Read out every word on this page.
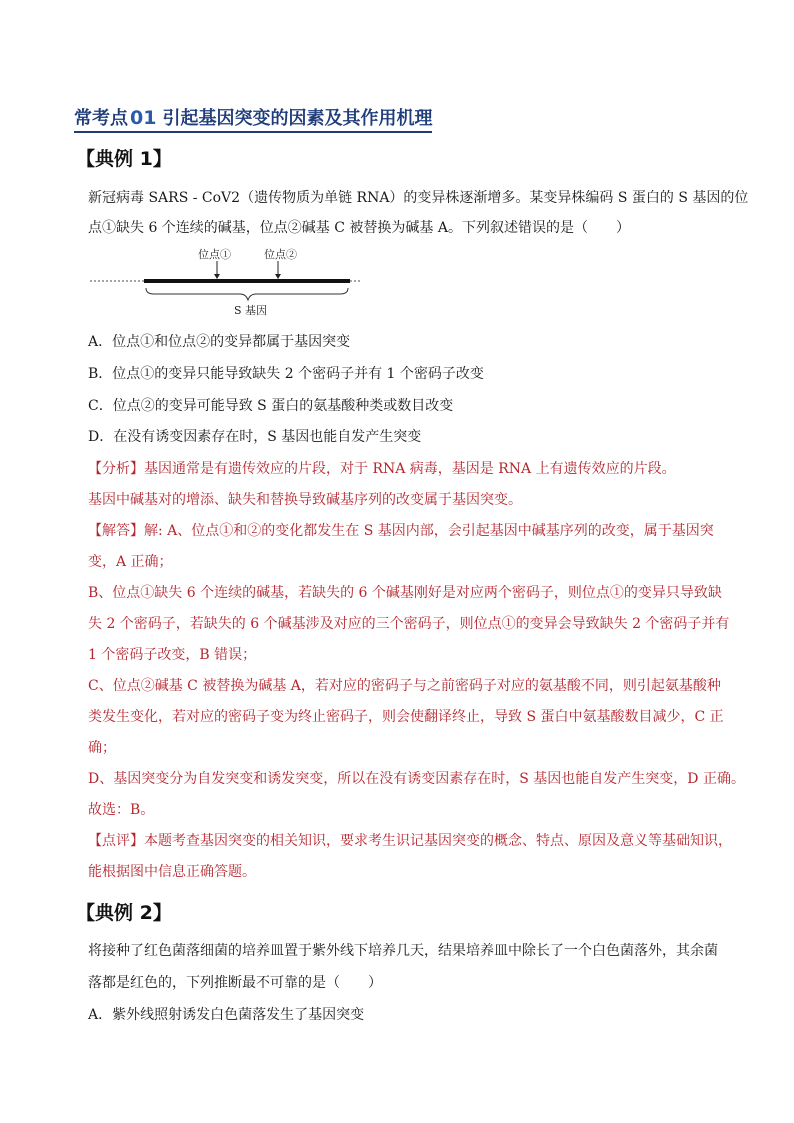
常考点 01 引起基因突变的因素及其作用机理
【典例 1】
新冠病毒 SARS - CoV2（遗传物质为单链 RNA）的变异株逐渐增多。某变异株编码 S 蛋白的 S 基因的位
点①缺失 6 个连续的碱基，位点②碱基 C 被替换为碱基 A。下列叙述错误的是（　　）
位点①	位点②
S 基因
A．位点①和位点②的变异都属于基因突变
B．位点①的变异只能导致缺失 2 个密码子并有 1 个密码子改变
C．位点②的变异可能导致 S 蛋白的氨基酸种类或数目改变
D．在没有诱变因素存在时，S 基因也能自发产生突变
【分析】基因通常是有遗传效应的片段，对于 RNA 病毒，基因是 RNA 上有遗传效应的片段。
基因中碱基对的增添、缺失和替换导致碱基序列的改变属于基因突变。
【解答】解: A、位点①和②的变化都发生在 S 基因内部，会引起基因中碱基序列的改变，属于基因突
变，A 正确；
B、位点①缺失 6 个连续的碱基，若缺失的 6 个碱基刚好是对应两个密码子，则位点①的变异只导致缺
失 2 个密码子，若缺失的 6 个碱基涉及对应的三个密码子，则位点①的变异会导致缺失 2 个密码子并有
1 个密码子改变，B 错误；
C、位点②碱基 C 被替换为碱基 A，若对应的密码子与之前密码子对应的氨基酸不同，则引起氨基酸种
类发生变化，若对应的密码子变为终止密码子，则会使翻译终止，导致 S 蛋白中氨基酸数目减少，C 正
确；
D、基因突变分为自发突变和诱发突变，所以在没有诱变因素存在时，S 基因也能自发产生突变，D 正确。
故选：B。
【点评】本题考查基因突变的相关知识，要求考生识记基因突变的概念、特点、原因及意义等基础知识，
能根据图中信息正确答题。
【典例 2】
将接种了红色菌落细菌的培养皿置于紫外线下培养几天，结果培养皿中除长了一个白色菌落外，其余菌
落都是红色的，下列推断最不可靠的是（　　）
A．紫外线照射诱发白色菌落发生了基因突变
